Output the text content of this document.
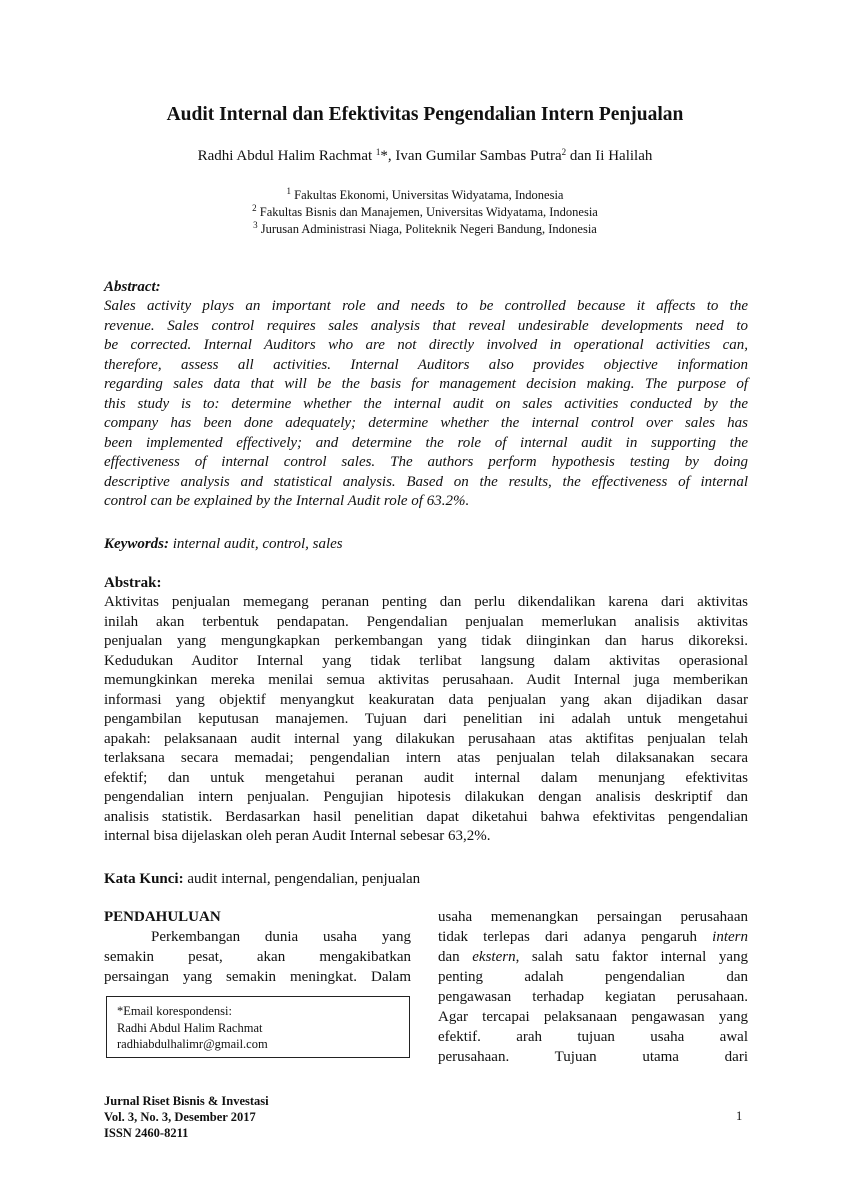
Audit Internal dan Efektivitas Pengendalian Intern Penjualan
Radhi Abdul Halim Rachmat $^1$*, Ivan Gumilar Sambas Putra$^2$ dan Ii Halilah
$^1$ Fakultas Ekonomi, Universitas Widyatama, Indonesia
$^2$ Fakultas Bisnis dan Manajemen, Universitas Widyatama, Indonesia
$^3$ Jurusan Administrasi Niaga, Politeknik Negeri Bandung, Indonesia
Abstract:
Sales activity plays an important role and needs to be controlled because it affects to the
revenue. Sales control requires sales analysis that reveal undesirable developments need to
be corrected. Internal Auditors who are not directly involved in operational activities can,
therefore, assess all activities. Internal Auditors also provides objective information
regarding sales data that will be the basis for management decision making. The purpose of
this study is to: determine whether the internal audit on sales activities conducted by the
company has been done adequately; determine whether the internal control over sales has
been implemented effectively; and determine the role of internal audit in supporting the
effectiveness of internal control sales. The authors perform hypothesis testing by doing
descriptive analysis and statistical analysis. Based on the results, the effectiveness of internal
control can be explained by the Internal Audit role of 63.2%.
Keywords: internal audit, control, sales
Abstrak:
Aktivitas penjualan memegang peranan penting dan perlu dikendalikan karena dari aktivitas
inilah akan terbentuk pendapatan. Pengendalian penjualan memerlukan analisis aktivitas
penjualan yang mengungkapkan perkembangan yang tidak diinginkan dan harus dikoreksi.
Kedudukan Auditor Internal yang tidak terlibat langsung dalam aktivitas operasional
memungkinkan mereka menilai semua aktivitas perusahaan. Audit Internal juga memberikan
informasi yang objektif menyangkut keakuratan data penjualan yang akan dijadikan dasar
pengambilan keputusan manajemen. Tujuan dari penelitian ini adalah untuk mengetahui
apakah: pelaksanaan audit internal yang dilakukan perusahaan atas aktifitas penjualan telah
terlaksana secara memadai; pengendalian intern atas penjualan telah dilaksanakan secara
efektif; dan untuk mengetahui peranan audit internal dalam menunjang efektivitas
pengendalian intern penjualan. Pengujian hipotesis dilakukan dengan analisis deskriptif dan
analisis statistik. Berdasarkan hasil penelitian dapat diketahui bahwa efektivitas pengendalian
internal bisa dijelaskan oleh peran Audit Internal sebesar 63,2%.
Kata Kunci: audit internal, pengendalian, penjualan
PENDAHULUAN
Perkembangan dunia usaha yang
semakin pesat, akan mengakibatkan
persaingan yang semakin meningkat. Dalam
*Email korespondensi:
Radhi Abdul Halim Rachmat
radhiabdulhalimr@gmail.com
usaha memenangkan persaingan perusahaan
tidak terlepas dari adanya pengaruh intern
dan ekstern, salah satu faktor internal yang
penting adalah pengendalian dan
pengawasan terhadap kegiatan perusahaan.
Agar tercapai pelaksanaan pengawasan yang
efektif. arah tujuan usaha awal
perusahaan. Tujuan utama dari
Jurnal Riset Bisnis & Investasi
Vol. 3, No. 3, Desember 2017
ISSN 2460-8211
1
